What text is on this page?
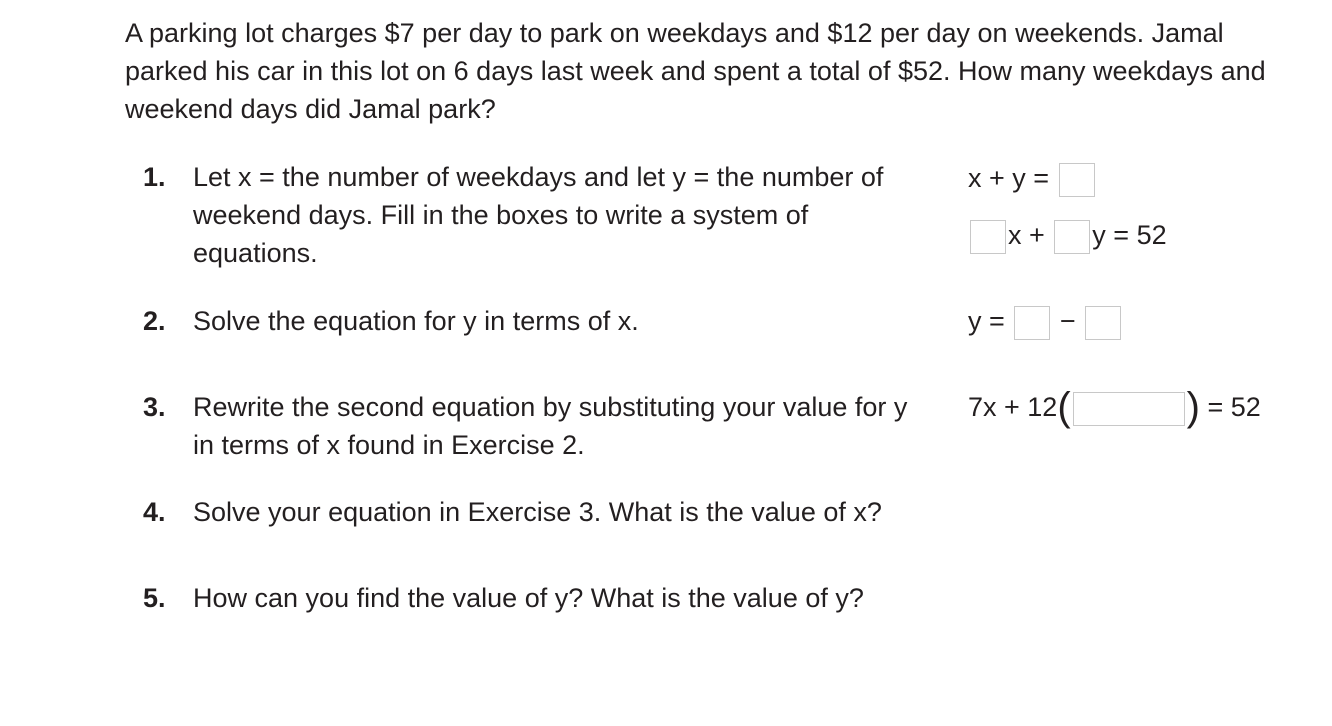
A parking lot charges $7 per day to park on weekdays and $12 per day on weekends. Jamal parked his car in this lot on 6 days last week and spent a total of $52. How many weekdays and weekend days did Jamal park?
1.	Let x = the number of weekdays and let y = the number of weekend days. Fill in the boxes to write a system of equations.
2.	Solve the equation for y in terms of x.
3.	Rewrite the second equation by substituting your value for y in terms of x found in Exercise 2.
4.	Solve your equation in Exercise 3. What is the value of x?
5.	How can you find the value of y? What is the value of y?
x + y =
x + y = 52
y = −
7x + 12(	) = 52
